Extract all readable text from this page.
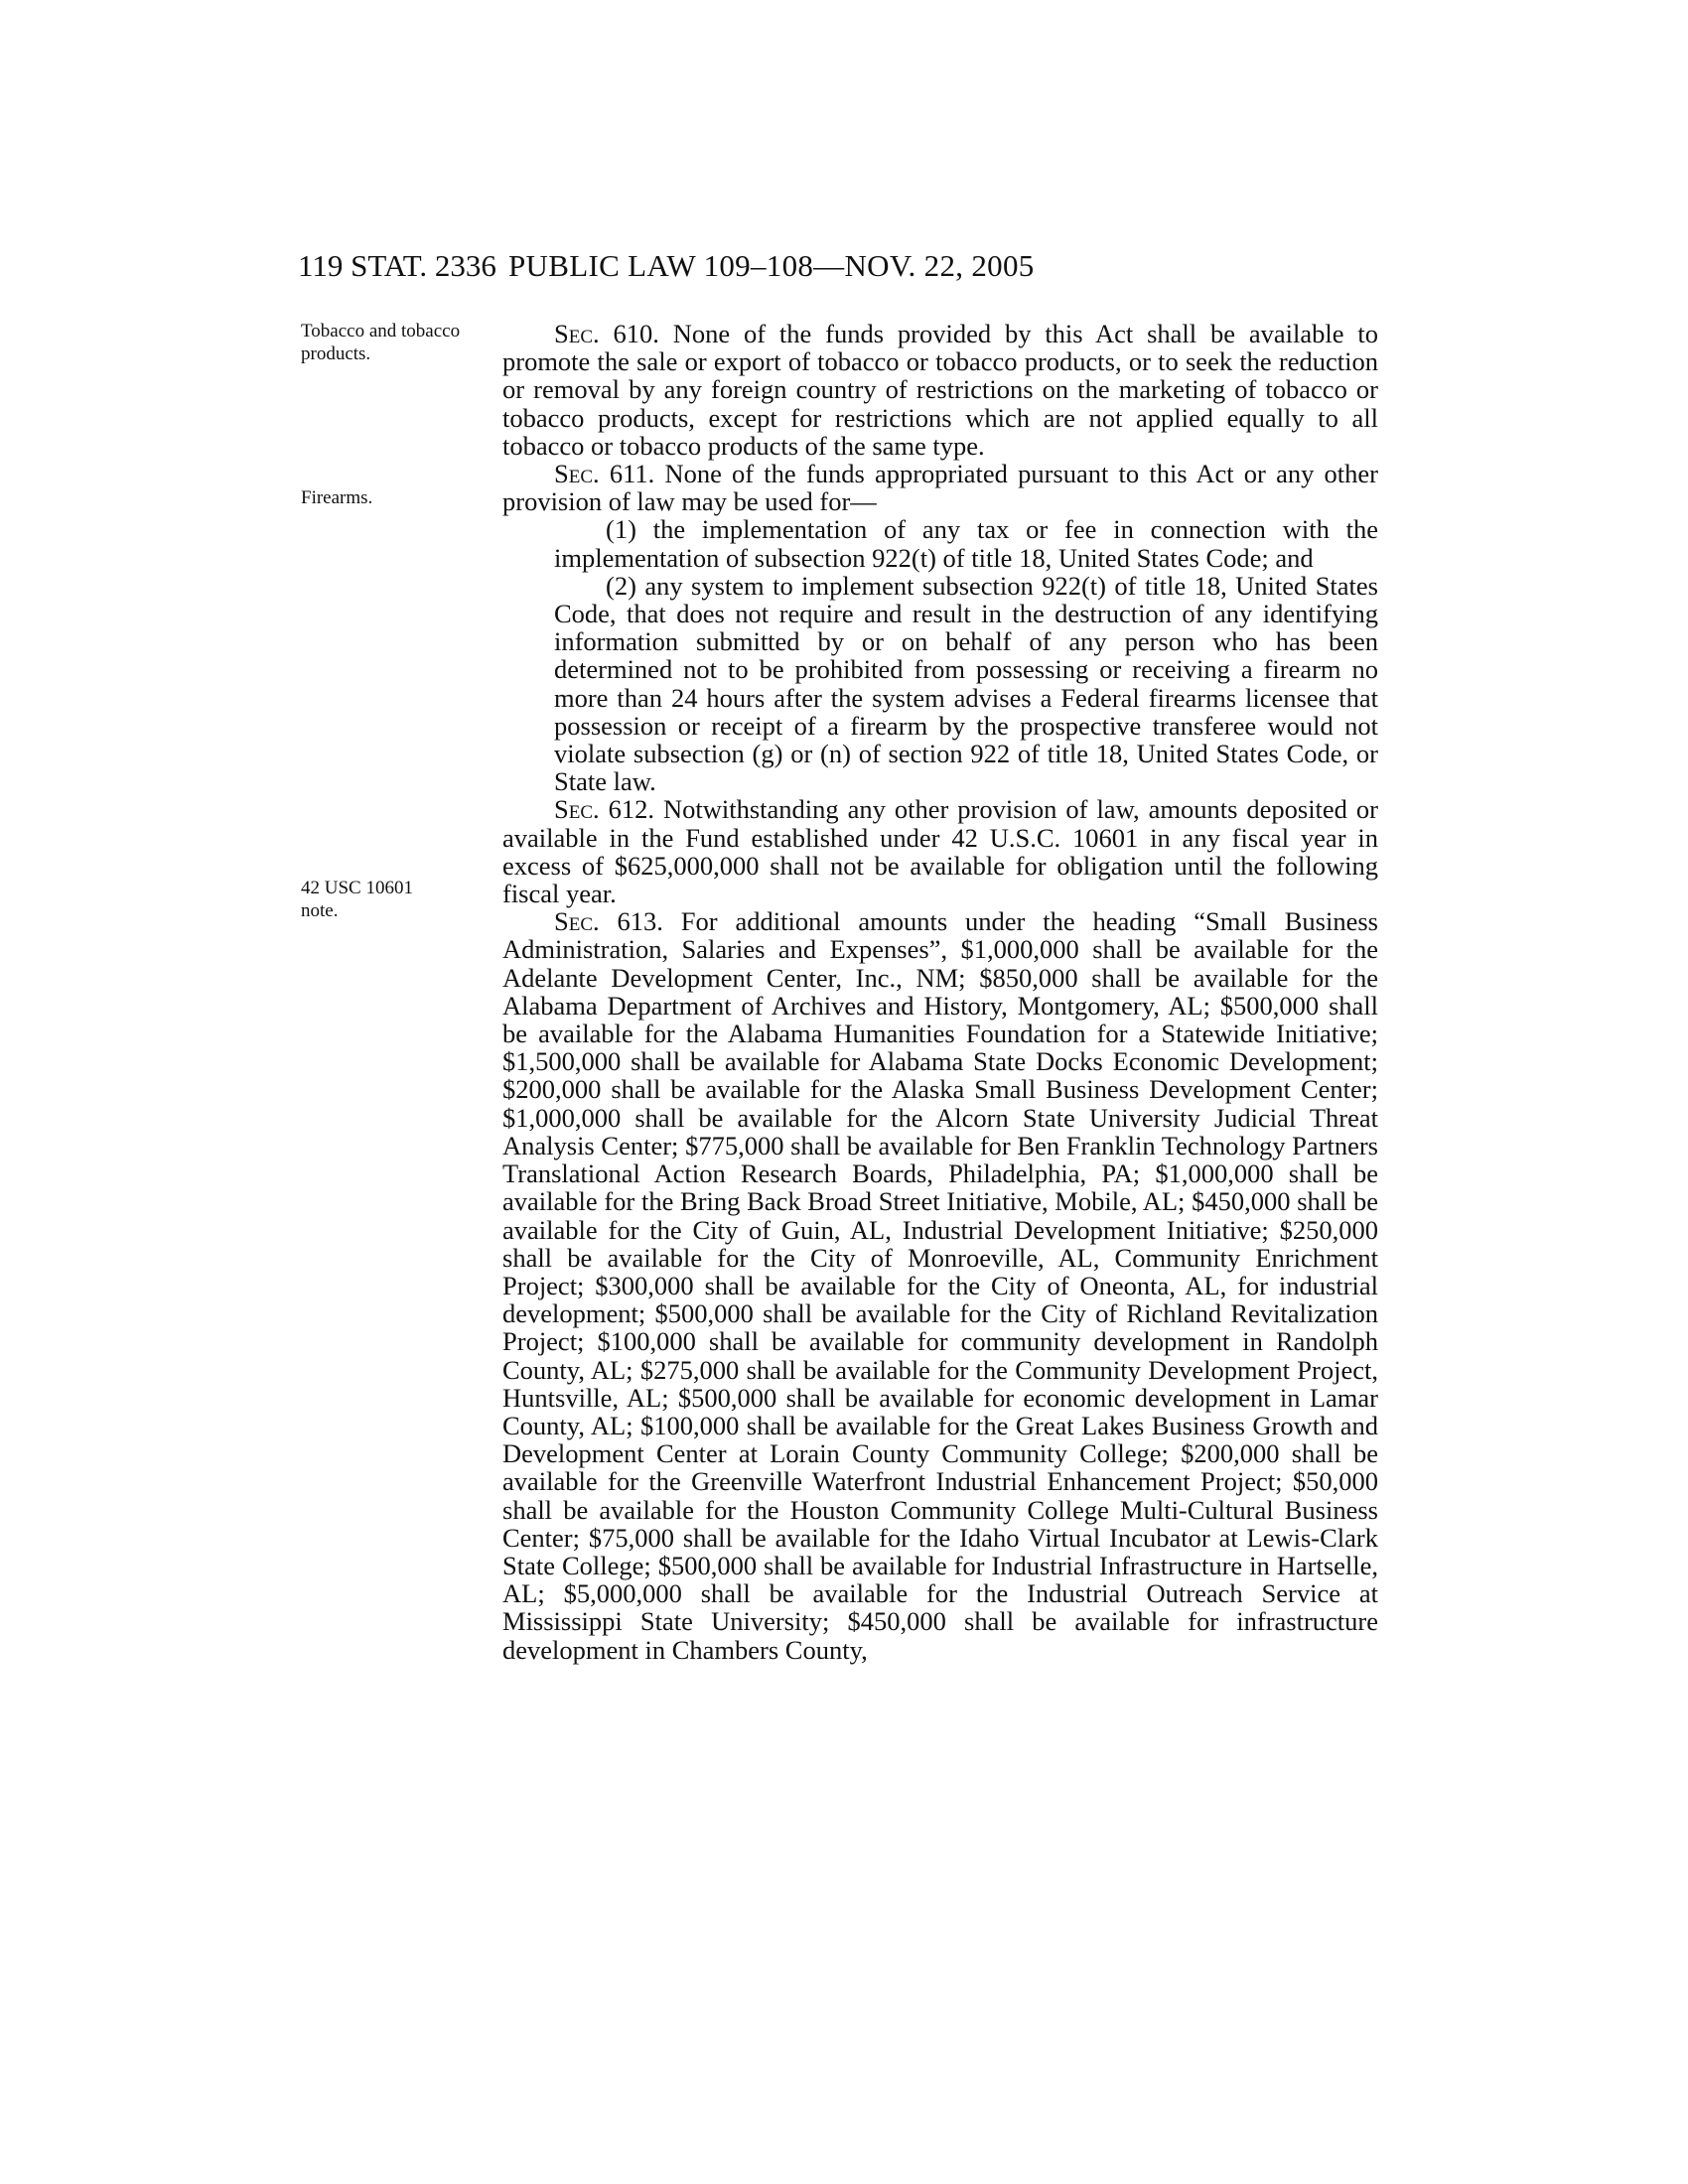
119 STAT. 2336 PUBLIC LAW 109–108—NOV. 22, 2005
Tobacco and tobacco products.
Firearms.
42 USC 10601
note.

Sec. 610. None of the funds provided by this Act shall be available to promote the sale or export of tobacco or tobacco products, or to seek the reduction or removal by any foreign country of restrictions on the marketing of tobacco or tobacco products, except for restrictions which are not applied equally to all tobacco or tobacco products of the same type.

Sec. 611. None of the funds appropriated pursuant to this Act or any other provision of law may be used for—

(1) the implementation of any tax or fee in connection with the implementation of subsection 922(t) of title 18, United States Code; and

(2) any system to implement subsection 922(t) of title 18, United States Code, that does not require and result in the destruction of any identifying information submitted by or on behalf of any person who has been determined not to be prohibited from possessing or receiving a firearm no more than 24 hours after the system advises a Federal firearms licensee that possession or receipt of a firearm by the prospective transferee would not violate subsection (g) or (n) of section 922 of title 18, United States Code, or State law.

Sec. 612. Notwithstanding any other provision of law, amounts deposited or available in the Fund established under 42 U.S.C. 10601 in any fiscal year in excess of $625,000,000 shall not be available for obligation until the following fiscal year.

Sec. 613. For additional amounts under the heading “Small Business Administration, Salaries and Expenses”, $1,000,000 shall be available for the Adelante Development Center, Inc., NM; $850,000 shall be available for the Alabama Department of Archives and History, Montgomery, AL; $500,000 shall be available for the Alabama Humanities Foundation for a Statewide Initiative; $1,500,000 shall be available for Alabama State Docks Economic Development; $200,000 shall be available for the Alaska Small Business Development Center; $1,000,000 shall be available for the Alcorn State University Judicial Threat Analysis Center; $775,000 shall be available for Ben Franklin Technology Partners Translational Action Research Boards, Philadelphia, PA; $1,000,000 shall be available for the Bring Back Broad Street Initiative, Mobile, AL; $450,000 shall be available for the City of Guin, AL, Industrial Development Initiative; $250,000 shall be available for the City of Monroeville, AL, Community Enrichment Project; $300,000 shall be available for the City of Oneonta, AL, for industrial development; $500,000 shall be available for the City of Richland Revitalization Project; $100,000 shall be available for community development in Randolph County, AL; $275,000 shall be available for the Community Development Project, Huntsville, AL; $500,000 shall be available for economic development in Lamar County, AL; $100,000 shall be available for the Great Lakes Business Growth and Development Center at Lorain County Community College; $200,000 shall be available for the Greenville Waterfront Industrial Enhancement Project; $50,000 shall be available for the Houston Community College Multi-Cultural Business Center; $75,000 shall be available for the Idaho Virtual Incubator at Lewis-Clark State College; $500,000 shall be available for Industrial Infrastructure in Hartselle, AL; $5,000,000 shall be available for the Industrial Outreach Service at Mississippi State University; $450,000 shall be available for infrastructure development in Chambers County,
